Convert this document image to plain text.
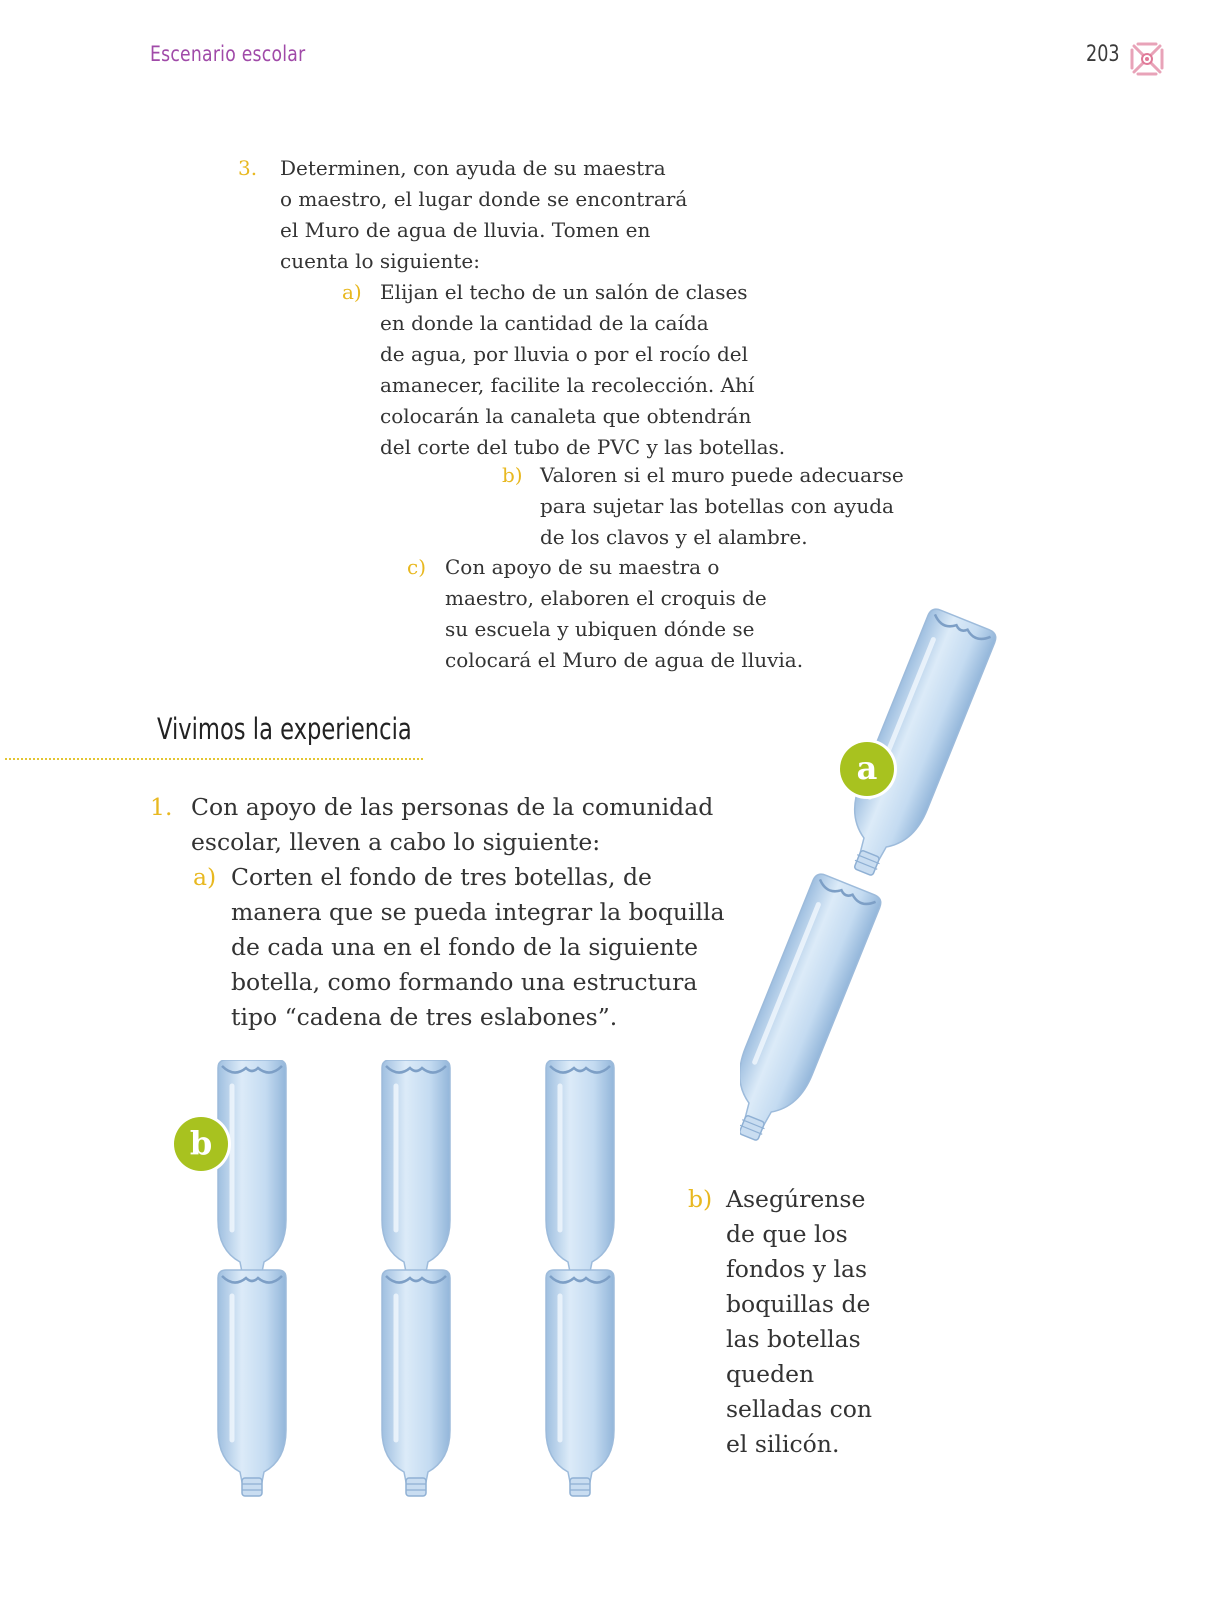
Escenario escolar	203
3. Determinen, con ayuda de su maestra
o maestro, el lugar donde se encontrará
el Muro de agua de lluvia. Tomen en
cuenta lo siguiente:
a) Elijan el techo de un salón de clases
en donde la cantidad de la caída
de agua, por lluvia o por el rocío del
amanecer, facilite la recolección. Ahí
colocarán la canaleta que obtendrán
del corte del tubo de PVC y las botellas.
b) Valoren si el muro puede adecuarse
para sujetar las botellas con ayuda
de los clavos y el alambre.
c) Con apoyo de su maestra o
maestro, elaboren el croquis de
su escuela y ubiquen dónde se
colocará el Muro de agua de lluvia.
Vivimos la experiencia
1. Con apoyo de las personas de la comunidad
escolar, lleven a cabo lo siguiente:
a) Corten el fondo de tres botellas, de
manera que se pueda integrar la boquilla
de cada una en el fondo de la siguiente
botella, como formando una estructura
tipo “cadena de tres eslabones”.
b) Asegúrense
de que los
fondos y las
boquillas de
las botellas
queden
selladas con
el silicón.
a
b
